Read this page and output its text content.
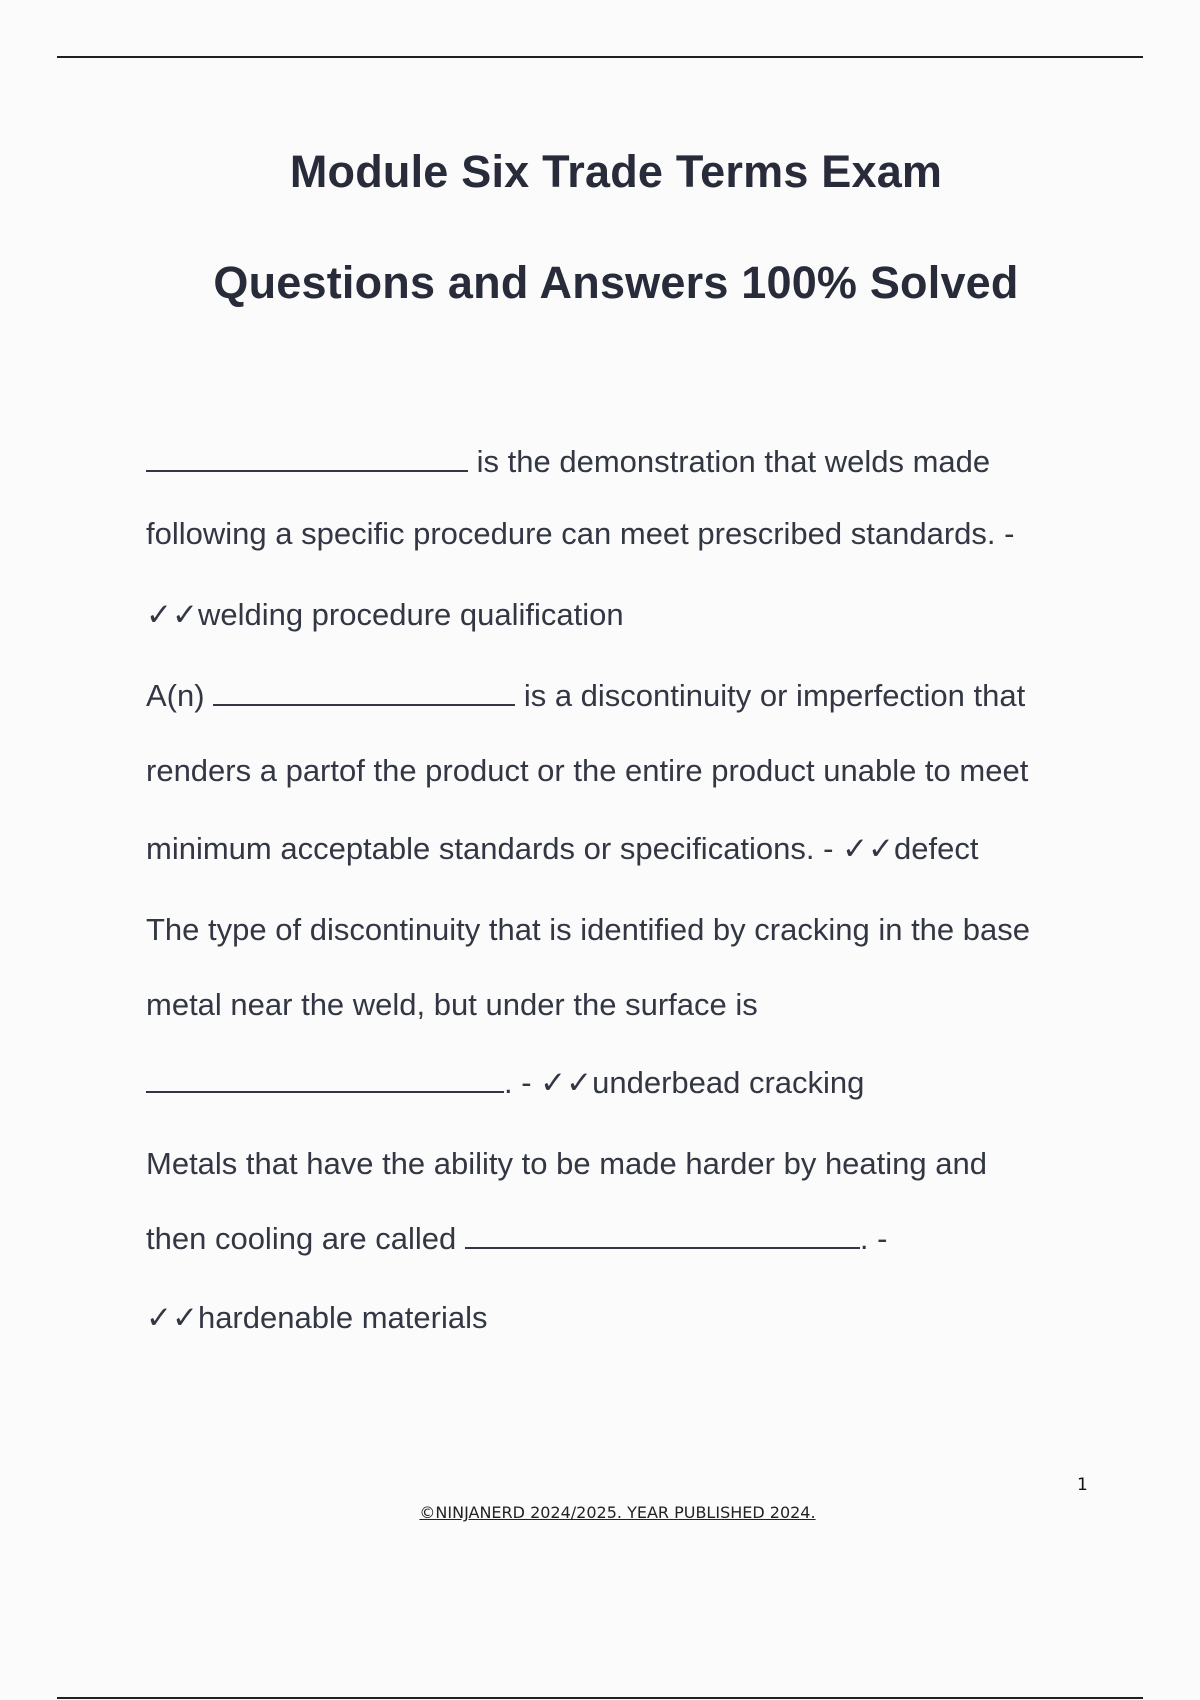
Module Six Trade Terms Exam
Questions and Answers 100% Solved
is the demonstration that welds made
following a specific procedure can meet prescribed standards. -
✓✓welding procedure qualification
A(n)	is a discontinuity or imperfection that
renders a partof the product or the entire product unable to meet
minimum acceptable standards or specifications. - ✓✓defect
The type of discontinuity that is identified by cracking in the base
metal near the weld, but under the surface is
. - ✓✓underbead cracking
Metals that have the ability to be made harder by heating and
then cooling are called	. -
✓✓hardenable materials
1
©NINJANERD 2024/2025. YEAR PUBLISHED 2024.
